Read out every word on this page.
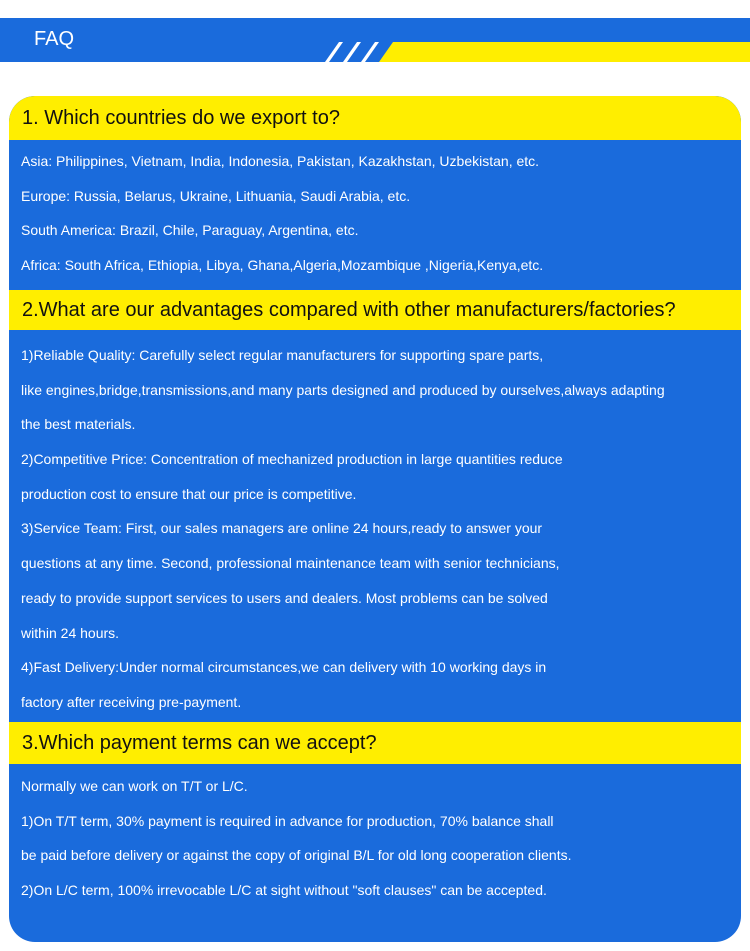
FAQ
1. Which countries do we export to?

Asia: Philippines, Vietnam, India, Indonesia, Pakistan, Kazakhstan, Uzbekistan, etc.

Europe: Russia, Belarus, Ukraine, Lithuania, Saudi Arabia, etc.

South America: Brazil, Chile, Paraguay, Argentina, etc.

Africa: South Africa, Ethiopia, Libya, Ghana,Algeria,Mozambique ,Nigeria,Kenya,etc.

2.What are our advantages compared with other manufacturers/factories?

1)Reliable Quality: Carefully select regular manufacturers for supporting spare parts,

like engines,bridge,transmissions,and many parts designed and produced by ourselves,always adapting

the best materials.

2)Competitive Price: Concentration of mechanized production in large quantities reduce

production cost to ensure that our price is competitive.

3)Service Team: First, our sales managers are online 24 hours,ready to answer your

questions at any time. Second, professional maintenance team with senior technicians,

ready to provide support services to users and dealers. Most problems can be solved

within 24 hours.

4)Fast Delivery:Under normal circumstances,we can delivery with 10 working days in

factory after receiving pre-payment.

3.Which payment terms can we accept?

Normally we can work on T/T or L/C.

1)On T/T term, 30% payment is required in advance for production, 70% balance shall

be paid before delivery or against the copy of original B/L for old long cooperation clients.

2)On L/C term, 100% irrevocable L/C at sight without "soft clauses" can be accepted.
